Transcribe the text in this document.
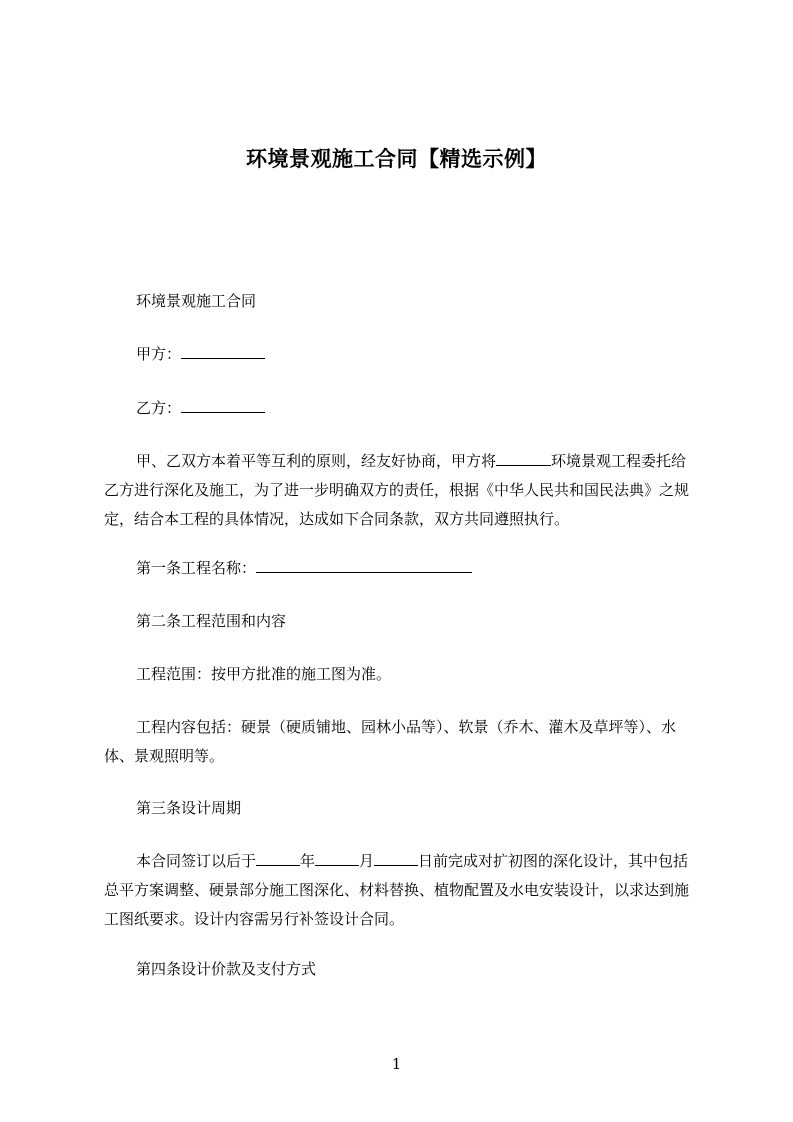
环境景观施工合同【精选示例】
环境景观施工合同
甲方：
乙方：
甲、乙双方本着平等互利的原则，经友好协商，甲方将	环境景观工程委托给乙方进行深化及施工，为了进一步明确双方的责任，根据《中华人民共和国民法典》之规定，结合本工程的具体情况，达成如下合同条款，双方共同遵照执行。
第一条工程名称：
第二条工程范围和内容
工程范围：按甲方批准的施工图为准。
工程内容包括：硬景（硬质铺地、园林小品等）、软景（乔木、灌木及草坪等）、水体、景观照明等。
第三条设计周期
本合同签订以后于	年	月	日前完成对扩初图的深化设计，其中包括总平方案调整、硬景部分施工图深化、材料替换、植物配置及水电安装设计，以求达到施工图纸要求。设计内容需另行补签设计合同。
第四条设计价款及支付方式
1
